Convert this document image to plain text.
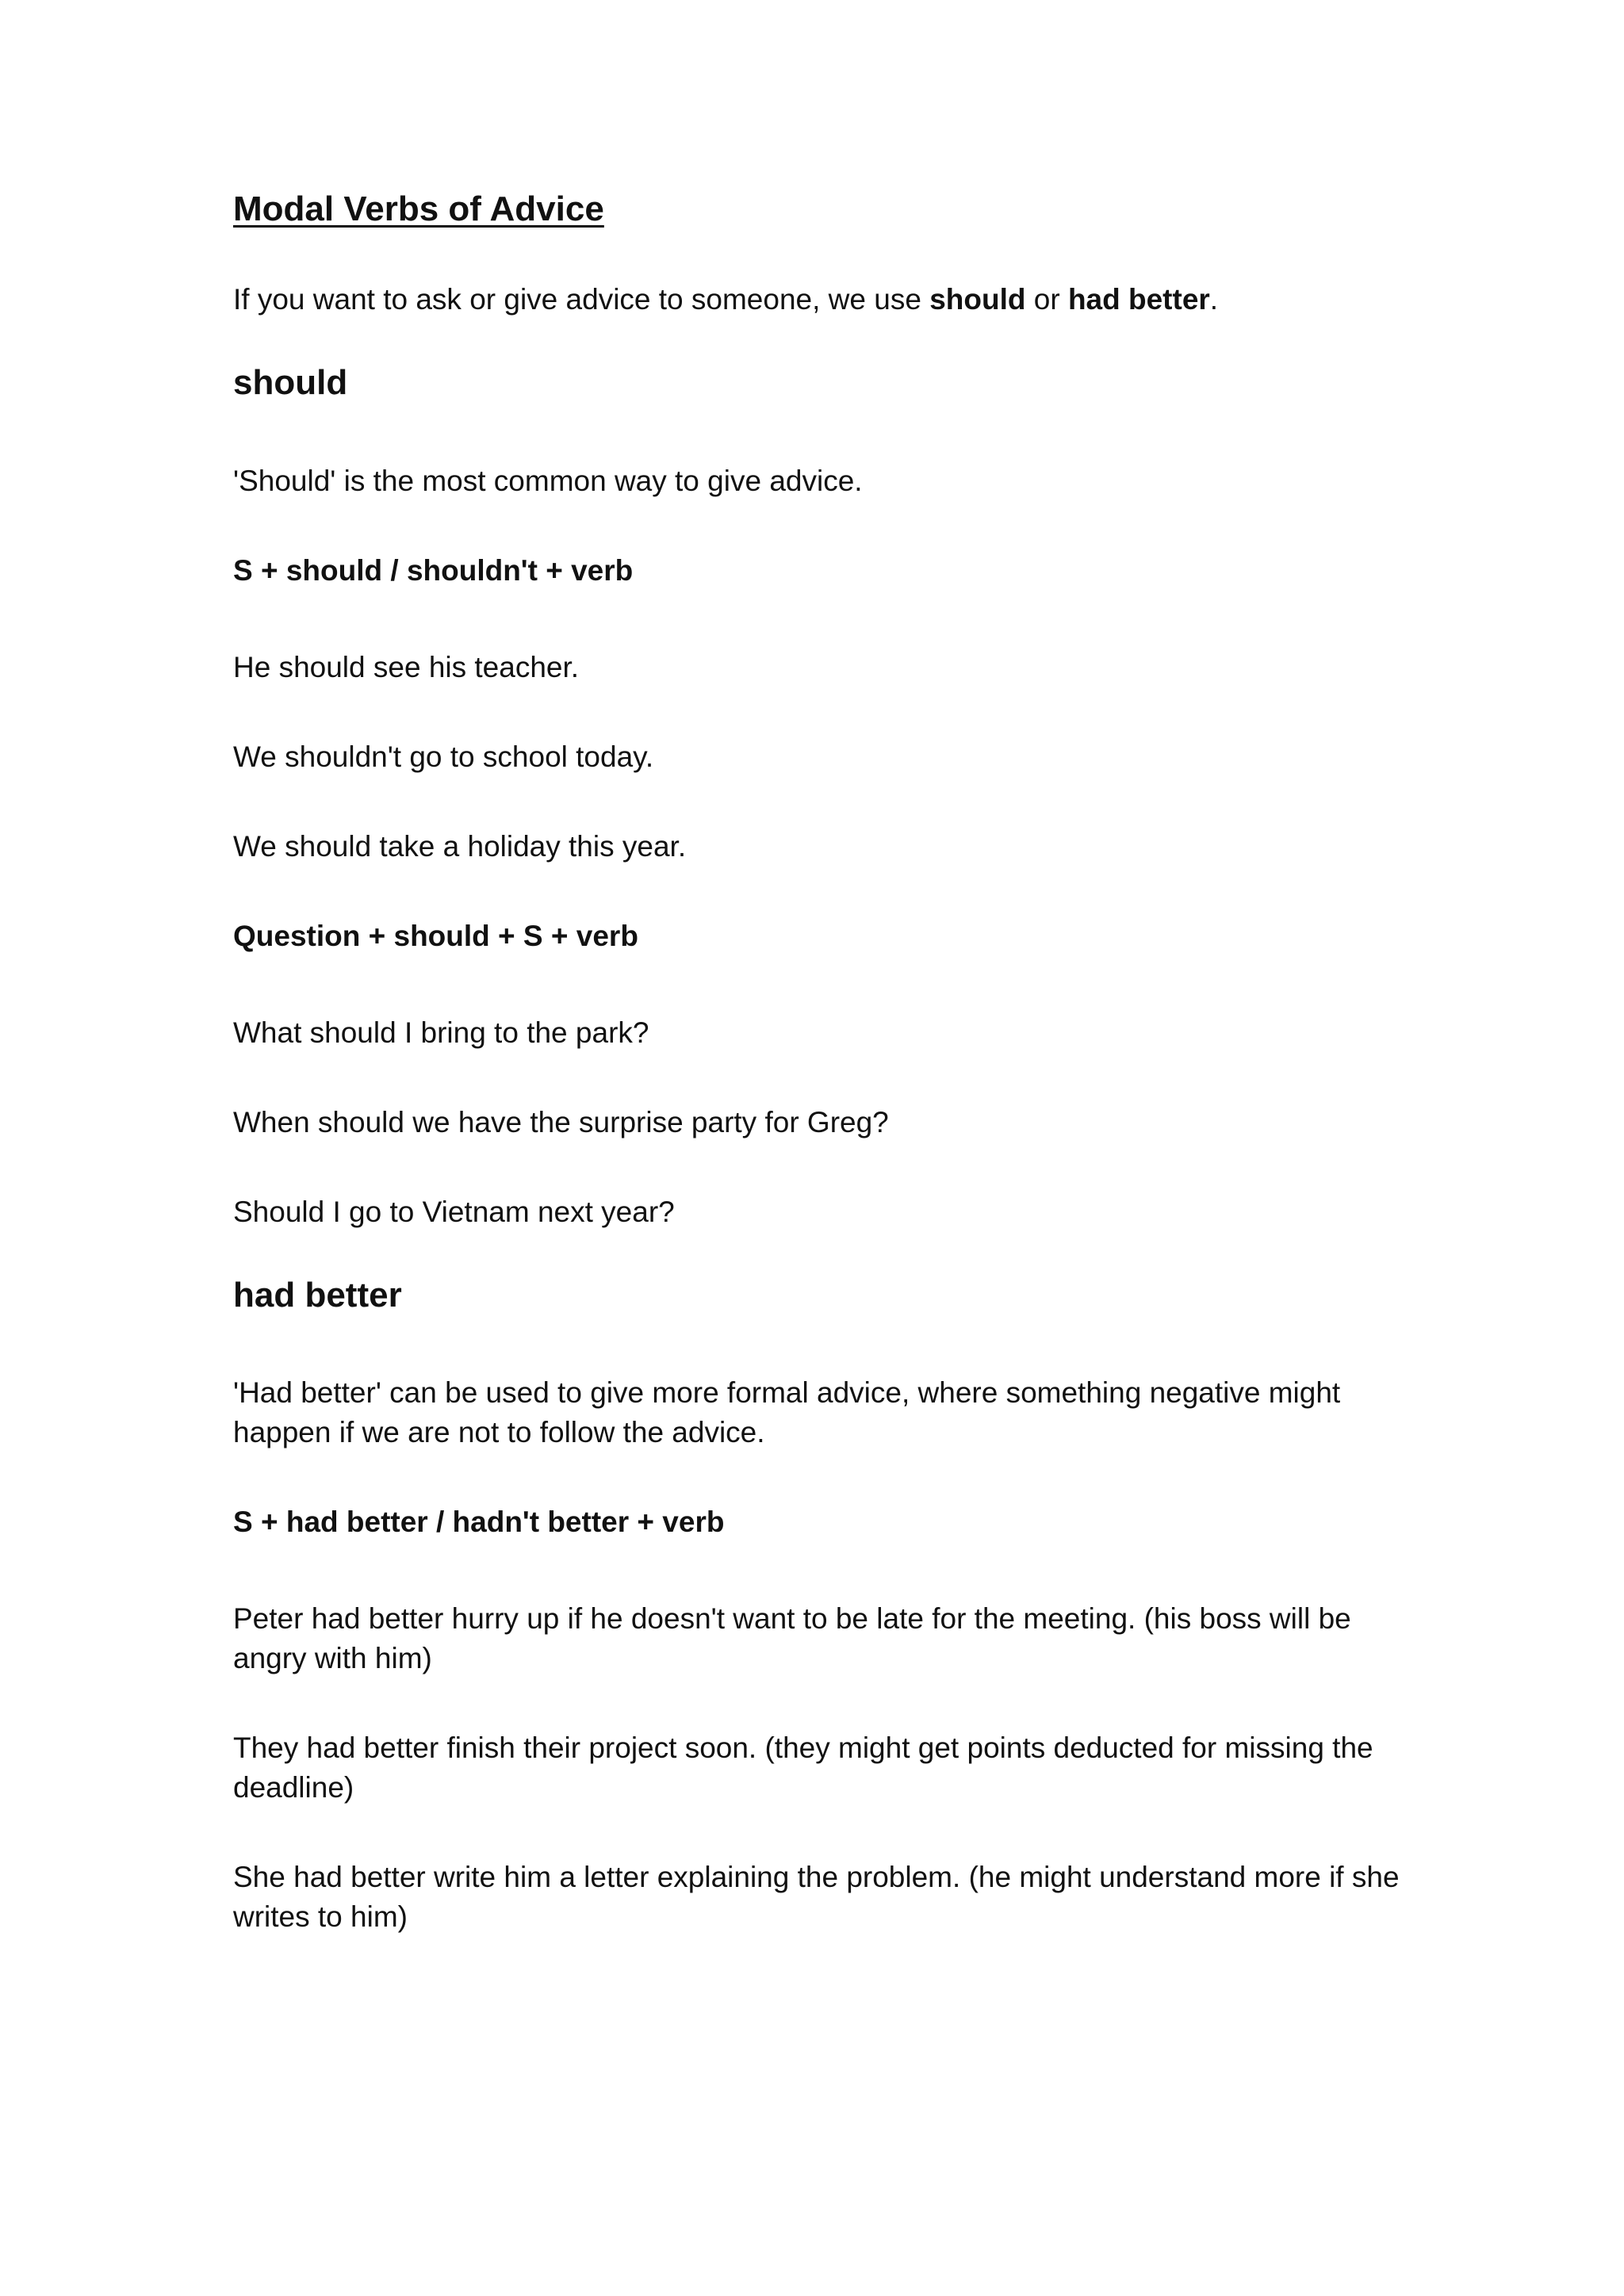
Modal Verbs of Advice

If you want to ask or give advice to someone, we use should or had better.

should

'Should' is the most common way to give advice.

S + should / shouldn't + verb

He should see his teacher.

We shouldn't go to school today.

We should take a holiday this year.

Question + should + S + verb

What should I bring to the park?

When should we have the surprise party for Greg?

Should I go to Vietnam next year?

had better

'Had better' can be used to give more formal advice, where something negative might happen if we are not to follow the advice.

S + had better / hadn't better + verb

Peter had better hurry up if he doesn't want to be late for the meeting. (his boss will be angry with him)

They had better finish their project soon. (they might get points deducted for missing the deadline)

She had better write him a letter explaining the problem. (he might understand more if she writes to him)
